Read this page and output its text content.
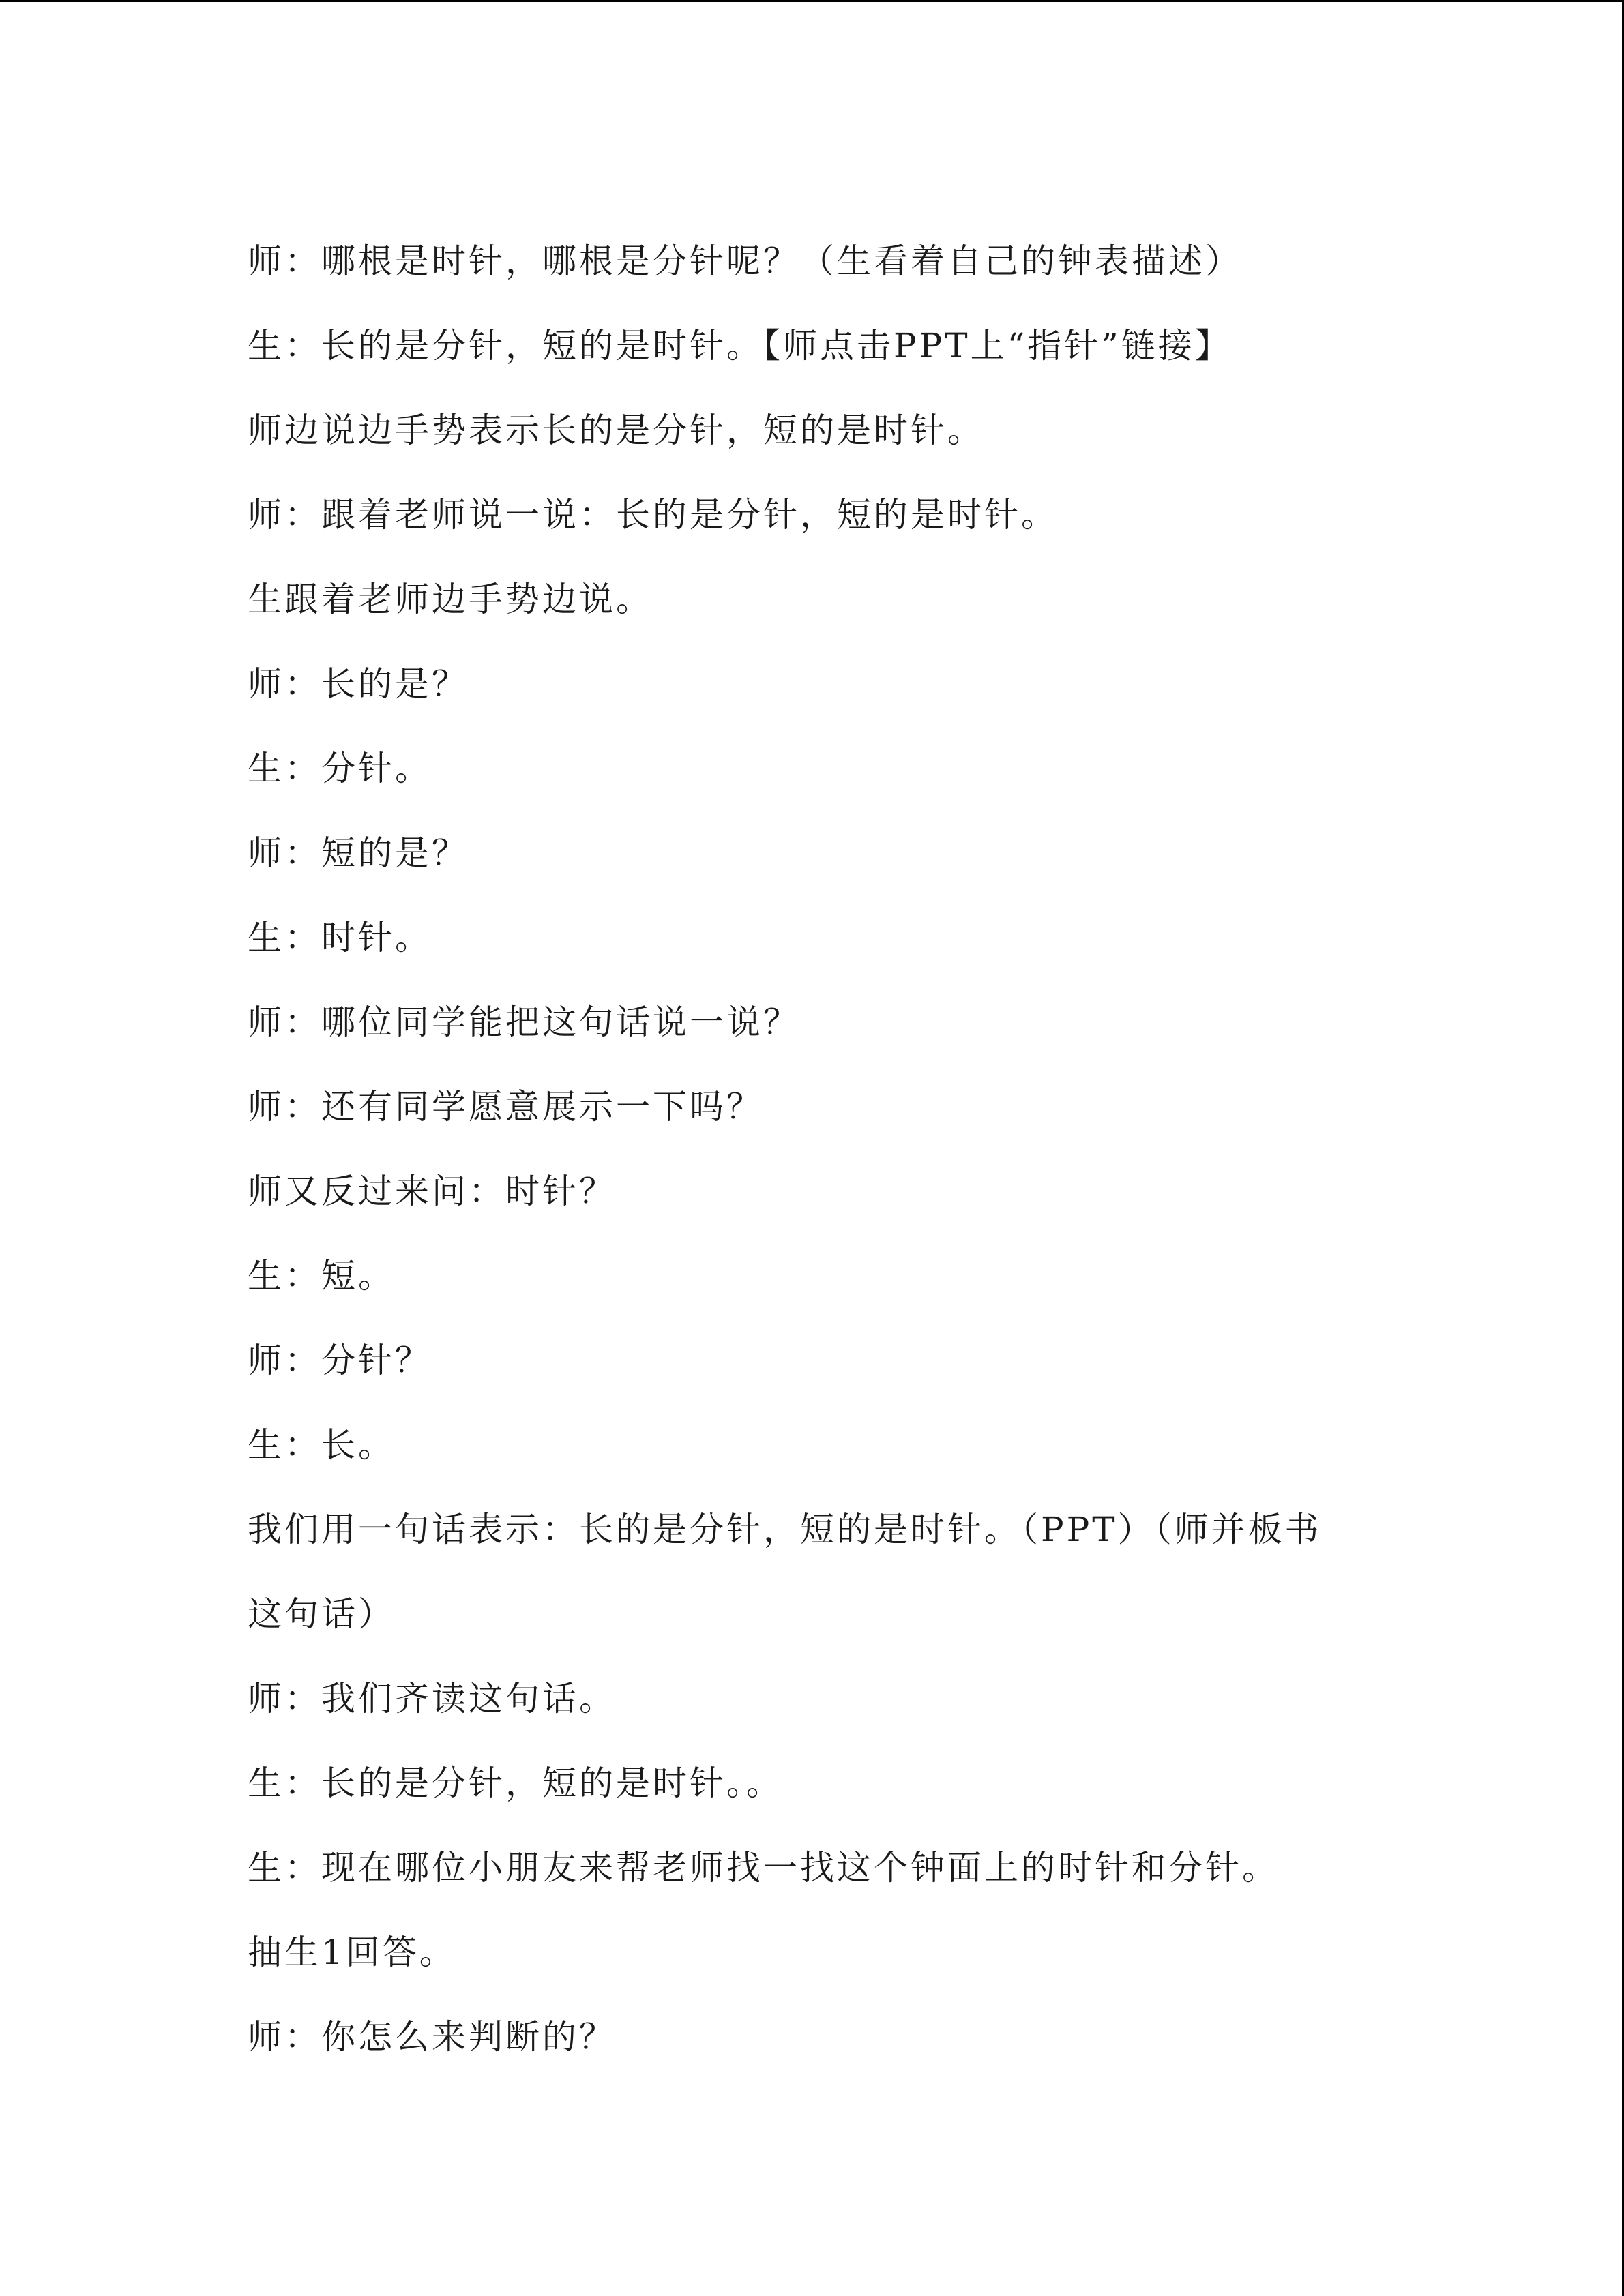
师：哪根是时针，哪根是分针呢？（生看着自己的钟表描述）

生：长的是分针，短的是时针。【师点击PPT上“指针”链接】

师边说边手势表示长的是分针，短的是时针。

师：跟着老师说一说：长的是分针，短的是时针。

生跟着老师边手势边说。

师：长的是？

生：分针。

师：短的是？

生：时针。

师：哪位同学能把这句话说一说？

师：还有同学愿意展示一下吗？

师又反过来问：时针？

生：短。

师：分针？

生：长。

我们用一句话表示：长的是分针，短的是时针。（PPT）（师并板书

这句话）

师：我们齐读这句话。

生：长的是分针，短的是时针。。

生：现在哪位小朋友来帮老师找一找这个钟面上的时针和分针。

抽生1回答。

师：你怎么来判断的？
